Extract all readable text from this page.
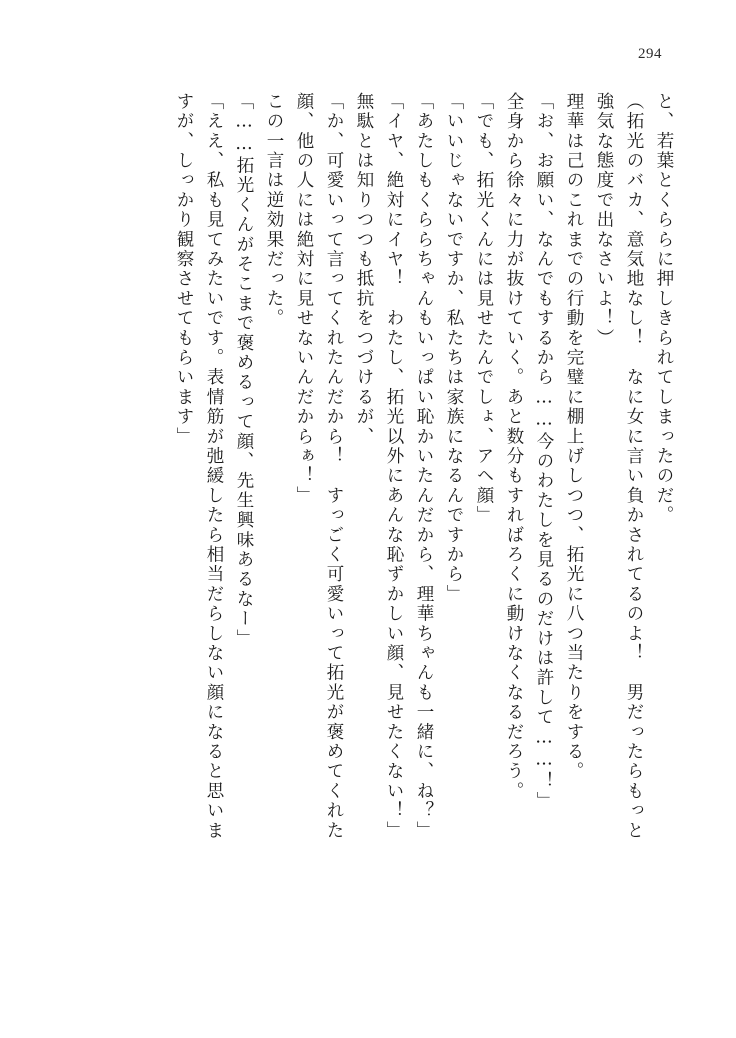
294
と、若葉とくららに押しきられてしまったのだ。
（拓光のバカ、意気地なし！　なに女に言い負かされてるのよ！　男だったらもっと
強気な態度で出なさいよ！）
理華は己のこれまでの行動を完璧に棚上げしつつ、拓光に八つ当たりをする。
「お、お願い、なんでもするから……今のわたしを見るのだけは許して……！」
全身から徐々に力が抜けていく。あと数分もすればろくに動けなくなるだろう。
「でも、拓光くんには見せたんでしょ、アヘ顔」
「いいじゃないですか、私たちは家族になるんですから」
「あたしもくららちゃんもいっぱい恥かいたんだから、理華ちゃんも一緒に、ね？」
「イヤ、絶対にイヤ！　わたし、拓光以外にあんな恥ずかしい顔、見せたくない！」
無駄とは知りつつも抵抗をつづけるが、
「か、可愛いって言ってくれたんだから！　すっごく可愛いって拓光が褒めてくれた
顔、他の人には絶対に見せないんだからぁ！」
この一言は逆効果だった。
「……拓光くんがそこまで褒めるって顔、先生興味あるなー」
「ええ、私も見てみたいです。表情筋が弛緩したら相当だらしない顔になると思いま
すが、しっかり観察させてもらいます」
